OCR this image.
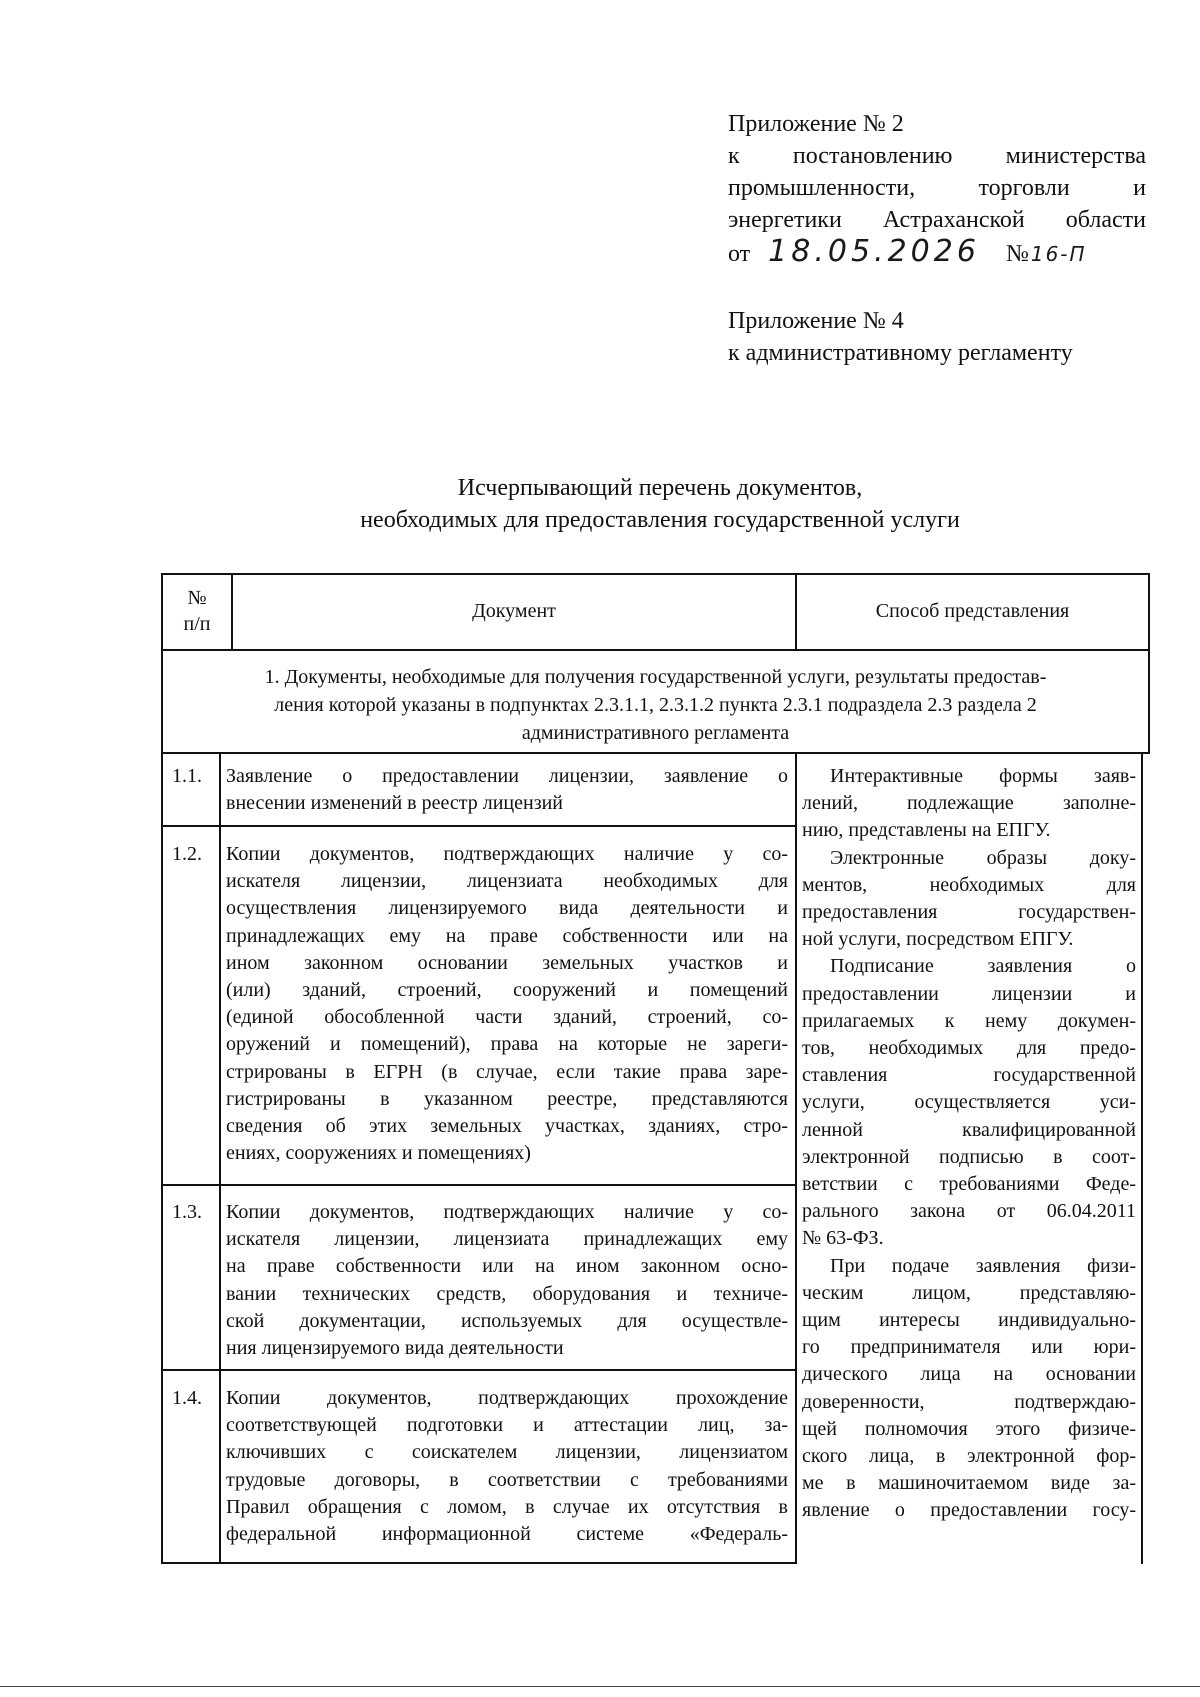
Приложение № 2
к постановлению министерства
промышленности, торговли и
энергетики Астраханской области
от 18.05.2026 № 16-П
Приложение № 4
к административному регламенту
Исчерпывающий перечень документов,
необходимых для предоставления государственной услуги
№
п/п
Документ	Способ представления
1. Документы, необходимые для получения государственной услуги, результаты предостав-
ления которой указаны в подпунктах 2.3.1.1, 2.3.1.2 пункта 2.3.1 подраздела 2.3 раздела 2
административного регламента
1.1. Заявление о предоставлении лицензии, заявление о
внесении изменений в реестр лицензий
1.2. Копии документов, подтверждающих наличие у со-
искателя лицензии, лицензиата необходимых для
осуществления лицензируемого вида деятельности и
принадлежащих ему на праве собственности или на
ином законном основании земельных участков и
(или) зданий, строений, сооружений и помещений
(единой обособленной части зданий, строений, со-
оружений и помещений), права на которые не зареги-
стрированы в ЕГРН (в случае, если такие права заре-
гистрированы в указанном реестре, представляются
сведения об этих земельных участках, зданиях, стро-
ениях, сооружениях и помещениях)
1.3. Копии документов, подтверждающих наличие у со-
искателя лицензии, лицензиата принадлежащих ему
на праве собственности или на ином законном осно-
вании технических средств, оборудования и техниче-
ской документации, используемых для осуществле-
ния лицензируемого вида деятельности
1.4. Копии документов, подтверждающих прохождение
соответствующей подготовки и аттестации лиц, за-
ключивших с соискателем лицензии, лицензиатом
трудовые договоры, в соответствии с требованиями
Правил обращения с ломом, в случае их отсутствия в
федеральной информационной системе «Федераль-
Интерактивные формы заяв-
лений, подлежащие заполне-
нию, представлены на ЕПГУ.
Электронные образы доку-
ментов, необходимых для
предоставления государствен-
ной услуги, посредством ЕПГУ.
Подписание заявления о
предоставлении лицензии и
прилагаемых к нему докумен-
тов, необходимых для предо-
ставления государственной
услуги, осуществляется уси-
ленной квалифицированной
электронной подписью в соот-
ветствии с требованиями Феде-
рального закона от 06.04.2011
№ 63-ФЗ.
При подаче заявления физи-
ческим лицом, представляю-
щим интересы индивидуально-
го предпринимателя или юри-
дического лица на основании
доверенности, подтверждаю-
щей полномочия этого физиче-
ского лица, в электронной фор-
ме в машиночитаемом виде за-
явление о предоставлении госу-
